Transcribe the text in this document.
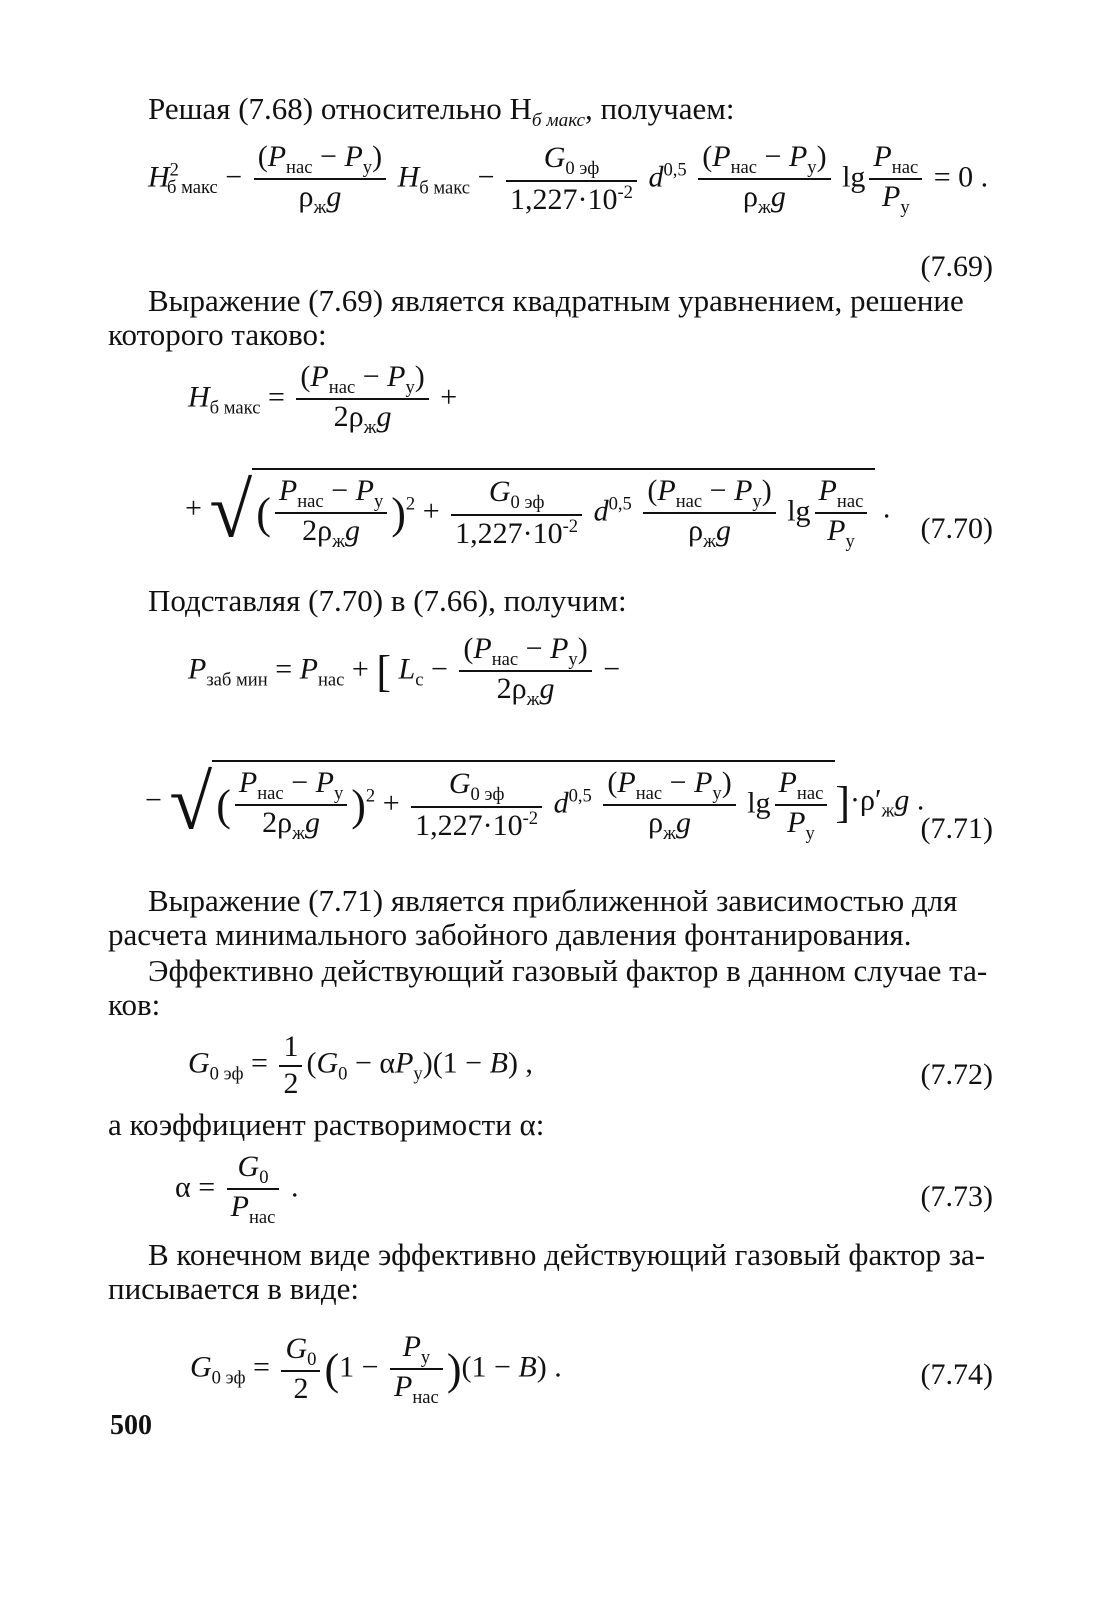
Решая (7.68) относительно $H_{б макс}$, получаем:
$H^2_{б макс} - \frac{(P_{нас} - P_у)}{\rho_жg} H_{б макс} - \frac{G_{0 эф}}{1,227\cdot 10^{-2}} d^{0,5} \frac{(P_{нас} - P_у)}{\rho_жg}$ $\lg \frac{P_{нас}}{P_у} = 0$ .
(7.69)
Выражение (7.69) является квадратным уравнением, решение
которого таково:
$H_{б макс} = \frac{(P_{нас} - P_у)}{2\rho_жg}$ +
+ √( $\frac{P_{нас} - P_у}{2\rho_жg} )^2 + \frac{G_{0 эф}}{1,227\cdot 10^{-2}} d^{0,5} \frac{(P_{нас} - P_у)}{\rho_жg}$ $\lg \frac{P_{нас}}{P_у}$ .
(7.70)
Подставляя (7.70) в (7.66), получим:
$P_{заб мин} = P_{нас}$ + [ $L_с - \frac{(P_{нас} - P_у)}{2\rho_жg}$ −
− √( $\frac{P_{нас} - P_у}{2\rho_жg} )^2 + \frac{G_{0 эф}}{1,227\cdot 10^{-2}} d^{0,5} \frac{(P_{нас} - P_у)}{\rho_жg}$ $\lg \frac{P_{нас}}{P_у} ]\cdot\rho'_жg$ .
(7.71)
Выражение (7.71) является приближенной зависимостью для
расчета минимального забойного давления фонтанирования.
Эффективно действующий газовый фактор в данном случае та-
ков:
$G_{0 эф} = \frac{1}{2} (G_0 - \alpha P_у)(1 - B)$ ,	(7.72)
а коэффициент растворимости α:
$\alpha = \frac{G_0}{P_{нас}}$ .	(7.73)
В конечном виде эффективно действующий газовый фактор за-
писывается в виде:
$G_{0 эф} = \frac{G_0}{2} (1 - \frac{P_у}{P_{нас}} )(1 - B)$ .	(7.74)
500
